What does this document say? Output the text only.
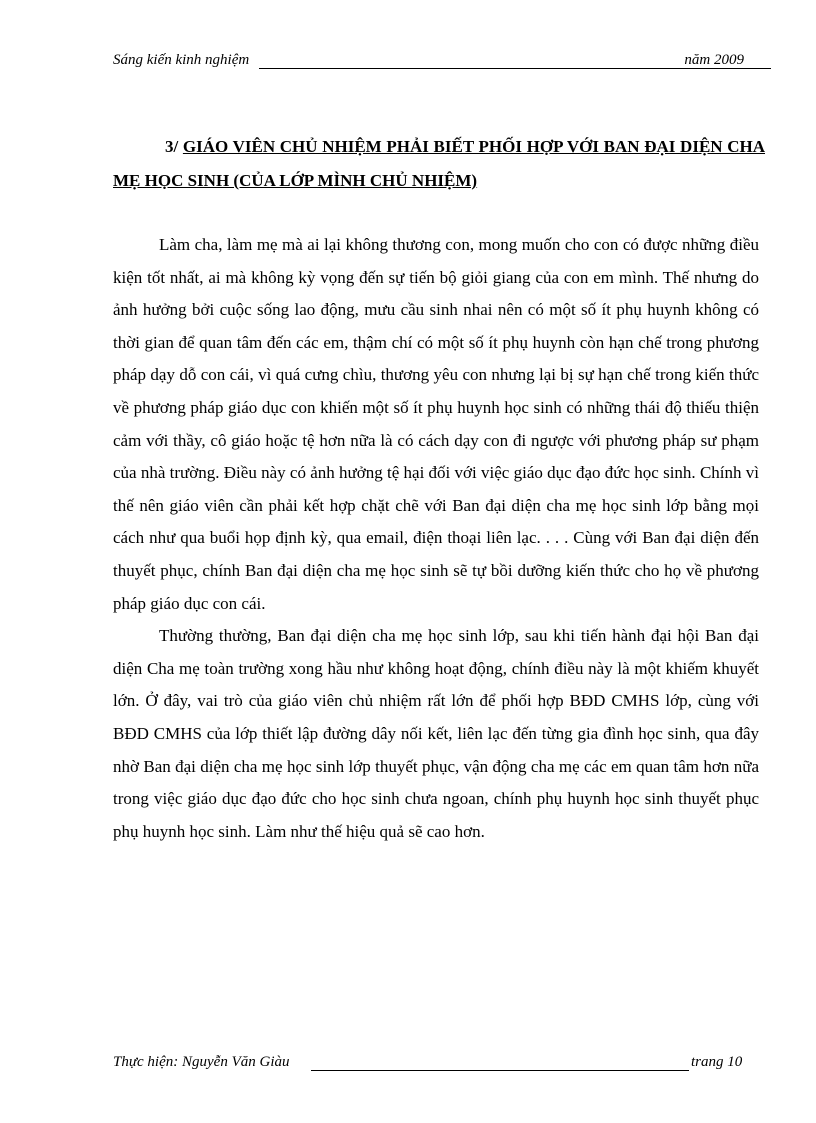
Sáng kiến kinh nghiệm	năm 2009
3/ GIÁO VIÊN CHỦ NHIỆM PHẢI BIẾT PHỐI HỢP VỚI BAN ĐẠI DIỆN CHA MẸ HỌC SINH (CỦA LỚP MÌNH CHỦ NHIỆM)

Làm cha, làm mẹ mà ai lại không thương con, mong muốn cho con có được những điều kiện tốt nhất, ai mà không kỳ vọng đến sự tiến bộ giỏi giang của con em mình. Thế nhưng do ảnh hưởng bởi cuộc sống lao động, mưu cầu sinh nhai nên có một số ít phụ huynh không có thời gian để quan tâm đến các em, thậm chí có một số ít phụ huynh còn hạn chế trong phương pháp dạy dỗ con cái, vì quá cưng chìu, thương yêu con nhưng lại bị sự hạn chế trong kiến thức về phương pháp giáo dục con khiến một số ít phụ huynh học sinh có những thái độ thiếu thiện cảm với thầy, cô giáo hoặc tệ hơn nữa là có cách dạy con đi ngược với phương pháp sư phạm của nhà trường. Điều này có ảnh hưởng tệ hại đối với việc giáo dục đạo đức học sinh. Chính vì thế nên giáo viên cần phải kết hợp chặt chẽ với Ban đại diện cha mẹ học sinh lớp bằng mọi cách như qua buổi họp định kỳ, qua email, điện thoại liên lạc. . . . Cùng với Ban đại diện đến thuyết phục, chính Ban đại diện cha mẹ học sinh sẽ tự bồi dưỡng kiến thức cho họ về phương pháp giáo dục con cái.

Thường thường, Ban đại diện cha mẹ học sinh lớp, sau khi tiến hành đại hội Ban đại diện Cha mẹ toàn trường xong hầu như không hoạt động, chính điều này là một khiếm khuyết lớn. Ở đây, vai trò của giáo viên chủ nhiệm rất lớn để phối hợp BĐD CMHS lớp, cùng với BĐD CMHS của lớp thiết lập đường dây nối kết, liên lạc đến từng gia đình học sinh, qua đây nhờ Ban đại diện cha mẹ học sinh lớp thuyết phục, vận động cha mẹ các em quan tâm hơn nữa trong việc giáo dục đạo đức cho học sinh chưa ngoan, chính phụ huynh học sinh thuyết phục phụ huynh học sinh. Làm như thế hiệu quả sẽ cao hơn.

Thực hiện: Nguyễn Văn Giàu	trang 10
